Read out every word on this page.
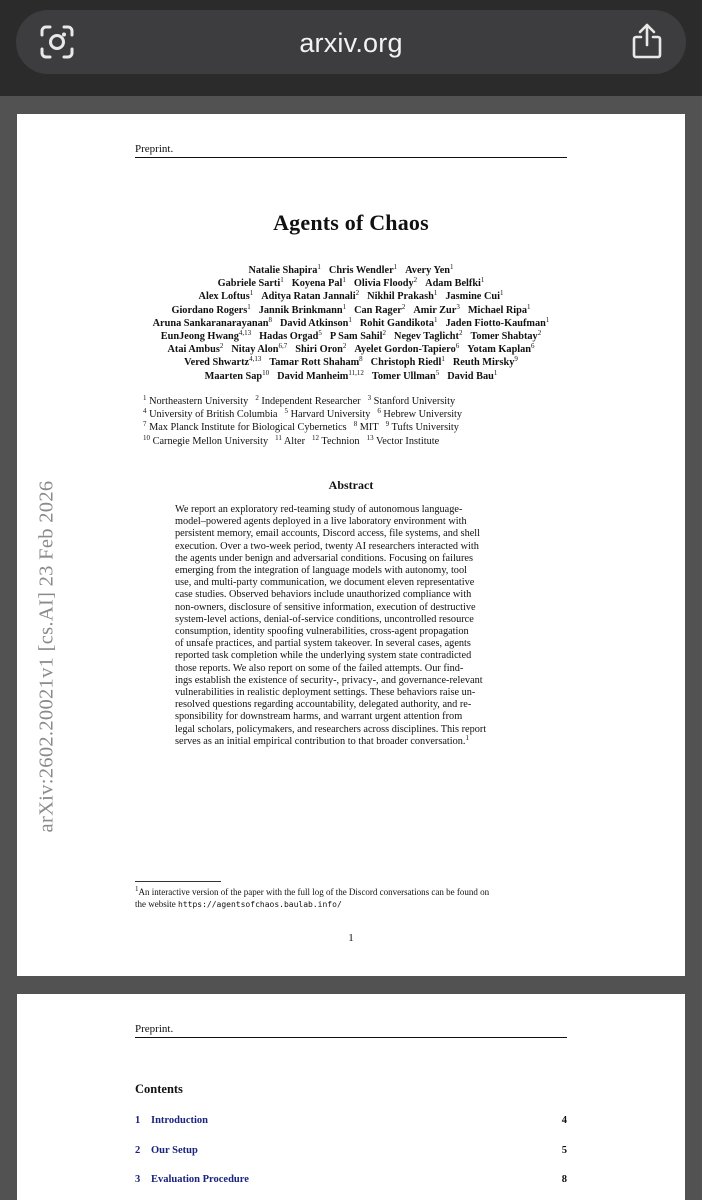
arxiv.org
Preprint.
arXiv:2602.20021v1 [cs.AI] 23 Feb 2026
Agents of Chaos
Natalie Shapira$^1$ Chris Wendler$^1$ Avery Yen$^1$
Gabriele Sarti$^1$ Koyena Pal$^1$ Olivia Floody$^2$ Adam Belfki$^1$
Alex Loftus$^1$ Aditya Ratan Jannali$^2$ Nikhil Prakash$^1$ Jasmine Cui$^1$
Giordano Rogers$^1$ Jannik Brinkmann$^1$ Can Rager$^2$ Amir Zur$^3$ Michael Ripa$^1$
Aruna Sankaranarayanan$^8$ David Atkinson$^1$ Rohit Gandikota$^1$ Jaden Fiotto-Kaufman$^1$
EunJeong Hwang$^{4,13}$ Hadas Orgad$^5$ P Sam Sahil$^2$ Negev Taglicht$^2$ Tomer Shabtay$^2$
Atai Ambus$^2$ Nitay Alon$^{6,7}$ Shiri Oron$^2$ Ayelet Gordon-Tapiero$^6$ Yotam Kaplan$^6$
Vered Shwartz$^{4,13}$ Tamar Rott Shaham$^8$ Christoph Riedl$^1$ Reuth Mirsky$^9$
Maarten Sap$^{10}$ David Manheim$^{11,12}$ Tomer Ullman$^5$ David Bau$^1$
$^1$ Northeastern University $^2$ Independent Researcher $^3$ Stanford University
$^4$ University of British Columbia $^5$ Harvard University $^6$ Hebrew University
$^7$ Max Planck Institute for Biological Cybernetics $^8$ MIT $^9$ Tufts University
$^{10}$ Carnegie Mellon University $^{11}$ Alter $^{12}$ Technion $^{13}$ Vector Institute
Abstract
We report an exploratory red-teaming study of autonomous language-
model–powered agents deployed in a live laboratory environment with
persistent memory, email accounts, Discord access, file systems, and shell
execution. Over a two-week period, twenty AI researchers interacted with
the agents under benign and adversarial conditions. Focusing on failures
emerging from the integration of language models with autonomy, tool
use, and multi-party communication, we document eleven representative
case studies. Observed behaviors include unauthorized compliance with
non-owners, disclosure of sensitive information, execution of destructive
system-level actions, denial-of-service conditions, uncontrolled resource
consumption, identity spoofing vulnerabilities, cross-agent propagation
of unsafe practices, and partial system takeover. In several cases, agents
reported task completion while the underlying system state contradicted
those reports. We also report on some of the failed attempts. Our find-
ings establish the existence of security-, privacy-, and governance-relevant
vulnerabilities in realistic deployment settings. These behaviors raise un-
resolved questions regarding accountability, delegated authority, and re-
sponsibility for downstream harms, and warrant urgent attention from
legal scholars, policymakers, and researchers across disciplines. This report
serves as an initial empirical contribution to that broader conversation.$^1$
$^1$An interactive version of the paper with the full log of the Discord conversations can be found on
the website https://agentsofchaos.baulab.info/
1
Preprint.
Contents
1 Introduction	4
2 Our Setup	5
3 Evaluation Procedure	8
